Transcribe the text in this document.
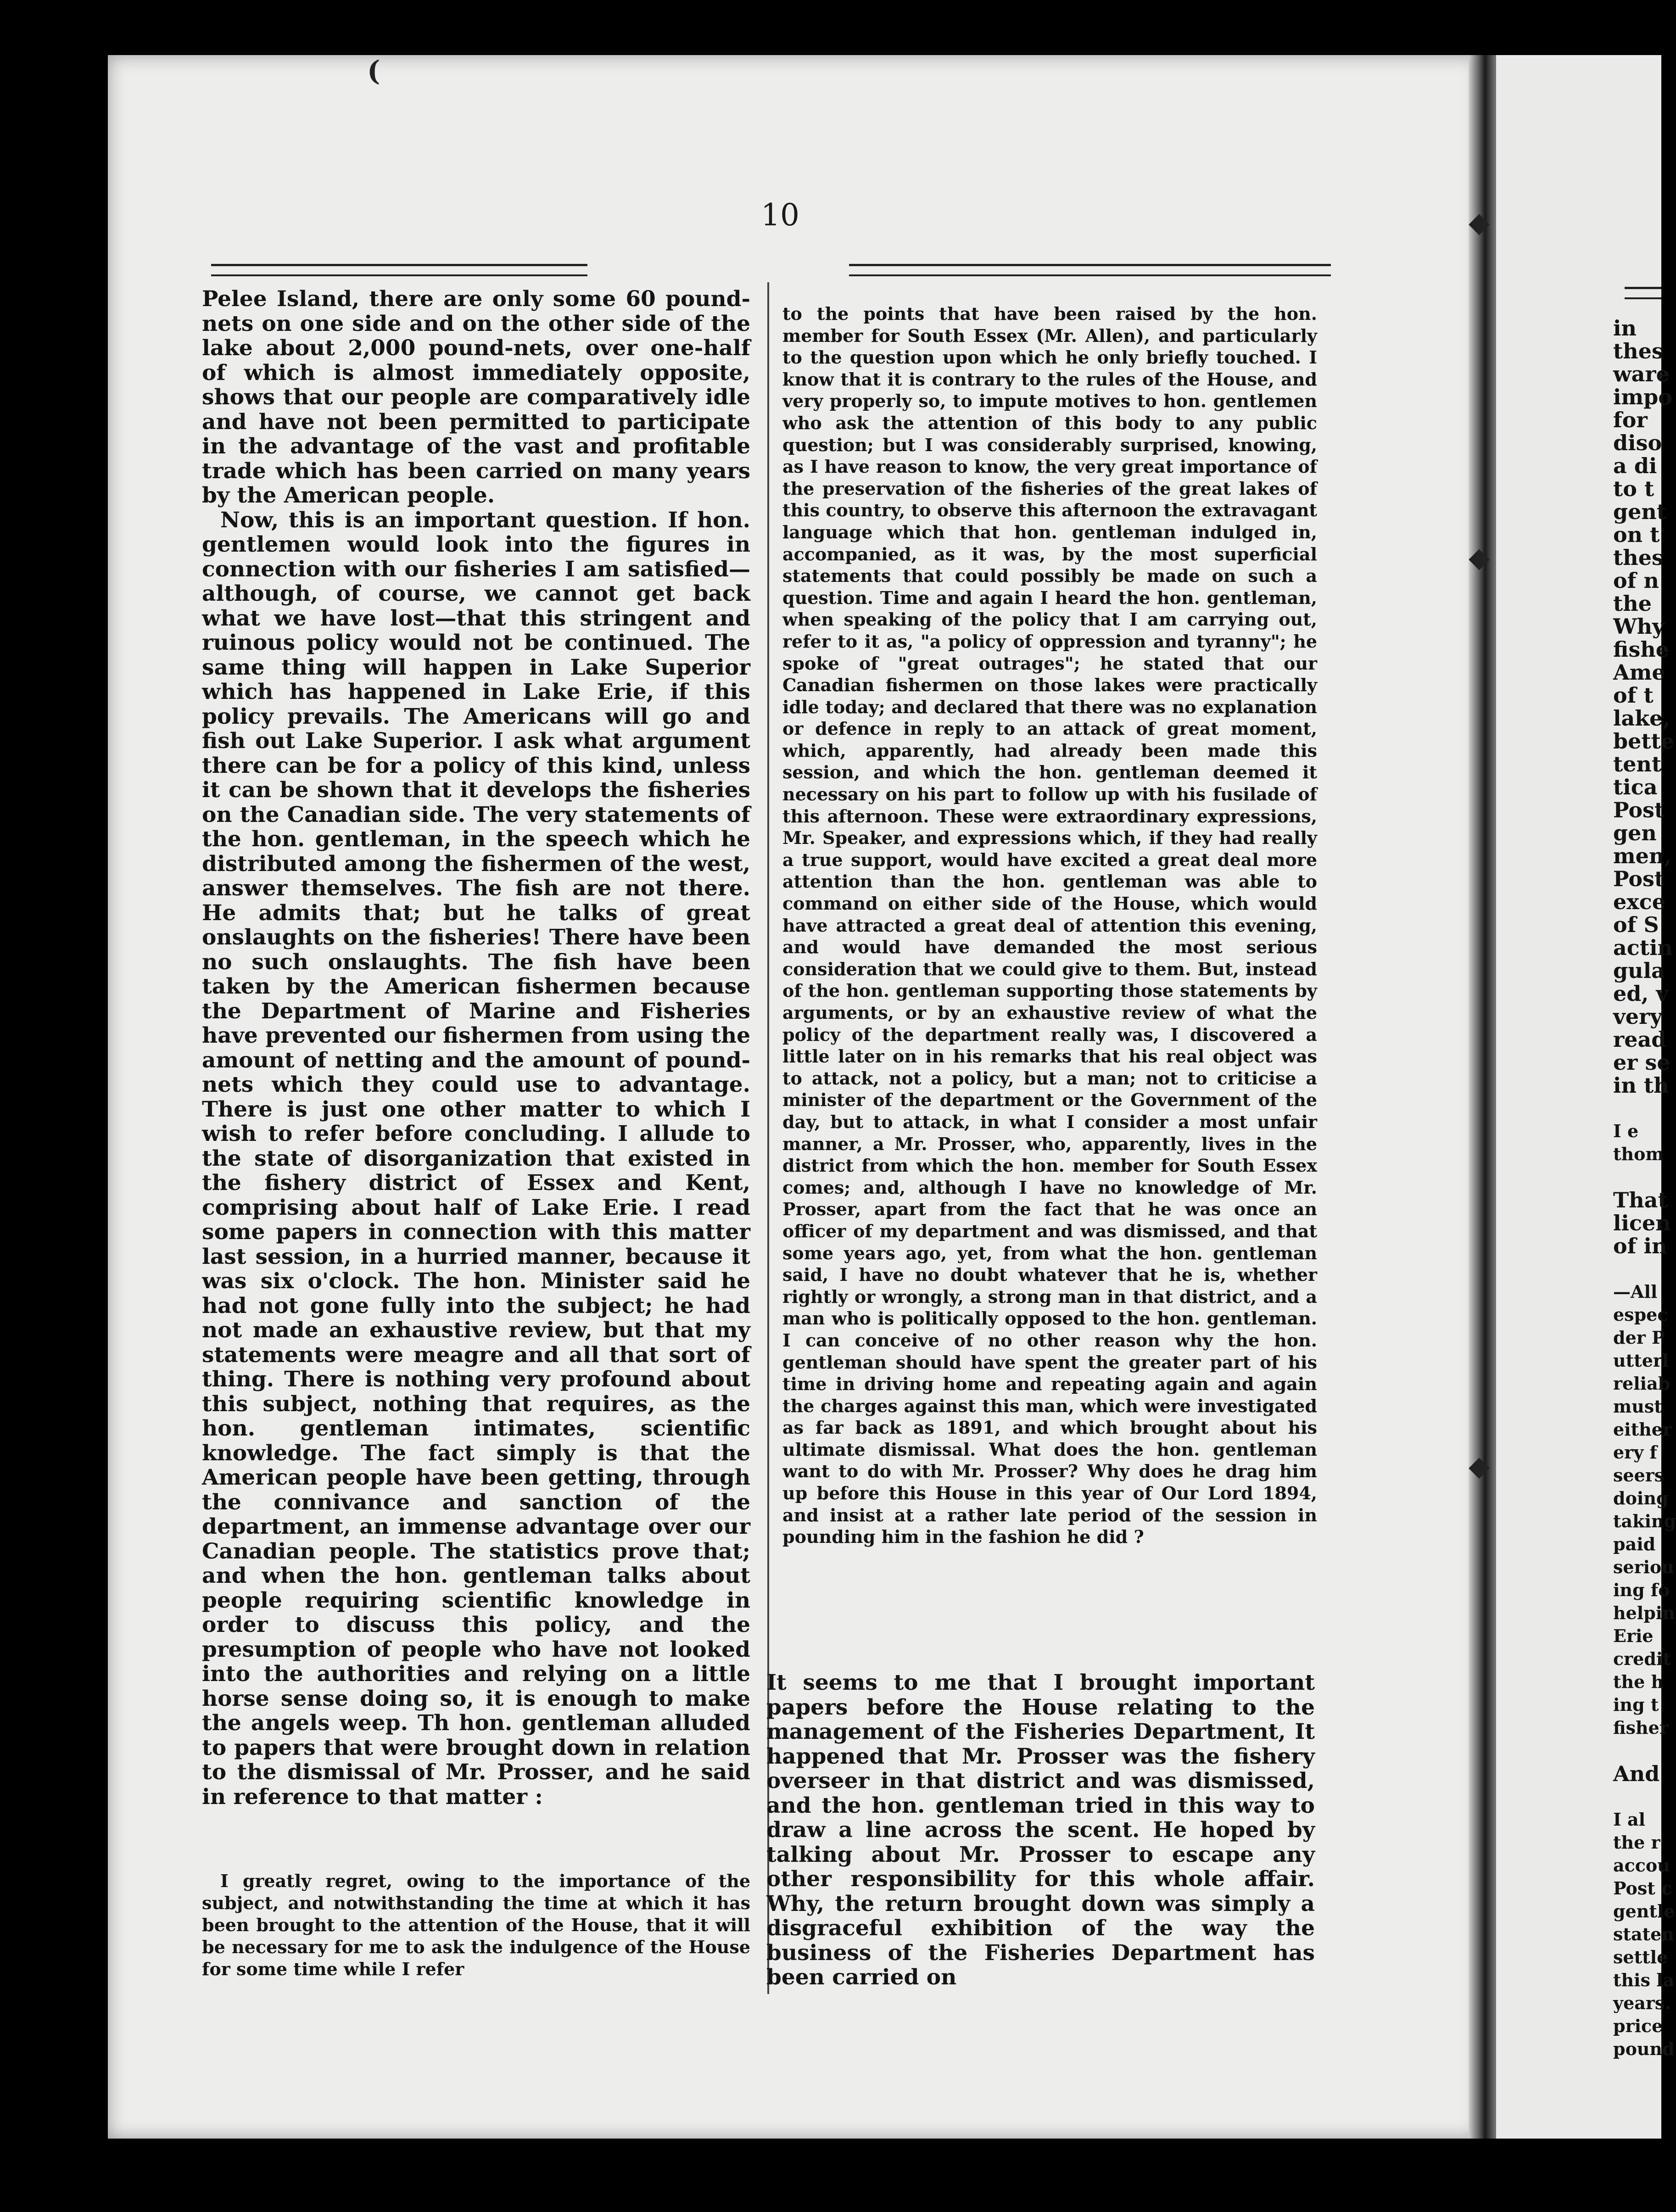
(
◆
◆
◆
10

Pelee Island, there are only some 60 pound-nets on one side and on the other side of the lake about 2,000 pound-nets, over one-half of which is almost immediately opposite, shows that our people are comparatively idle and have not been permitted to participate in the advantage of the vast and profitable trade which has been carried on many years by the American people.

Now, this is an important question. If hon. gentlemen would look into the figures in connection with our fisheries I am satisfied—although, of course, we cannot get back what we have lost—that this stringent and ruinous policy would not be continued. The same thing will happen in Lake Superior which has happened in Lake Erie, if this policy prevails. The Americans will go and fish out Lake Superior. I ask what argument there can be for a policy of this kind, unless it can be shown that it develops the fisheries on the Canadian side. The very statements of the hon. gentleman, in the speech which he distributed among the fishermen of the west, answer themselves. The fish are not there. He admits that; but he talks of great onslaughts on the fisheries! There have been no such onslaughts. The fish have been taken by the American fishermen because the Department of Marine and Fisheries have prevented our fishermen from using the amount of netting and the amount of pound-nets which they could use to advantage. There is just one other matter to which I wish to refer before concluding. I allude to the state of disorganization that existed in the fishery district of Essex and Kent, comprising about half of Lake Erie. I read some papers in connection with this matter last session, in a hurried manner, because it was six o'clock. The hon. Minister said he had not gone fully into the subject; he had not made an exhaustive review, but that my statements were meagre and all that sort of thing. There is nothing very profound about this subject, nothing that requires, as the hon. gentleman intimates, scientific knowledge. The fact simply is that the American people have been getting, through the connivance and sanction of the department, an immense advantage over our Canadian people. The statistics prove that; and when the hon. gentleman talks about people requiring scientific knowledge in order to discuss this policy, and the presumption of people who have not looked into the authorities and relying on a little horse sense doing so, it is enough to make the angels weep. Th hon. gentleman alluded to papers that were brought down in relation to the dismissal of Mr. Prosser, and he said in reference to that matter :

I greatly regret, owing to the importance of the subject, and notwithstanding the time at which it has been brought to the attention of the House, that it will be necessary for me to ask the indulgence of the House for some time while I refer

to the points that have been raised by the hon. member for South Essex (Mr. Allen), and particularly to the question upon which he only briefly touched. I know that it is contrary to the rules of the House, and very properly so, to impute motives to hon. gentlemen who ask the attention of this body to any public question; but I was considerably surprised, knowing, as I have reason to know, the very great importance of the preservation of the fisheries of the great lakes of this country, to observe this afternoon the extravagant language which that hon. gentleman indulged in, accompanied, as it was, by the most superficial statements that could possibly be made on such a question. Time and again I heard the hon. gentleman, when speaking of the policy that I am carrying out, refer to it as, "a policy of oppression and tyranny"; he spoke of "great outrages"; he stated that our Canadian fishermen on those lakes were practically idle today; and declared that there was no explanation or defence in reply to an attack of great moment, which, apparently, had already been made this session, and which the hon. gentleman deemed it necessary on his part to follow up with his fusilade of this afternoon. These were extraordinary expressions, Mr. Speaker, and expressions which, if they had really a true support, would have excited a great deal more attention than the hon. gentleman was able to command on either side of the House, which would have attracted a great deal of attention this evening, and would have demanded the most serious consideration that we could give to them. But, instead of the hon. gentleman supporting those statements by arguments, or by an exhaustive review of what the policy of the department really was, I discovered a little later on in his remarks that his real object was to attack, not a policy, but a man; not to criticise a minister of the department or the Government of the day, but to attack, in what I consider a most unfair manner, a Mr. Prosser, who, apparently, lives in the district from which the hon. member for South Essex comes; and, although I have no knowledge of Mr. Prosser, apart from the fact that he was once an officer of my department and was dismissed, and that some years ago, yet, from what the hon. gentleman said, I have no doubt whatever that he is, whether rightly or wrongly, a strong man in that district, and a man who is politically opposed to the hon. gentleman. I can conceive of no other reason why the hon. gentleman should have spent the greater part of his time in driving home and repeating again and again the charges against this man, which were investigated as far back as 1891, and which brought about his ultimate dismissal. What does the hon. gentleman want to do with Mr. Prosser? Why does he drag him up before this House in this year of Our Lord 1894, and insist at a rather late period of the session in pounding him in the fashion he did ?

It seems to me that I brought important papers before the House relating to the management of the Fisheries Department, It happened that Mr. Prosser was the fishery overseer in that district and was dismissed, and the hon. gentleman tried in this way to draw a line across the scent. He hoped by talking about Mr. Prosser to escape any other responsibility for this whole affair. Why, the return brought down was simply a disgraceful exhibition of the way the business of the Fisheries Department has been carried on

in
thes
ware
impo
for
diso
a di
to t
gent
on t
thes
of n
the
Why
fishe
Ame
of t
lake,
bette
tent
tica
Post
gen
men,
Post
exce
of S
actin
gula
ed, v
very
read
er se
in th
I e
thom
That
licen
of in
—All
espec
der P
utterl
reliab
must
either
ery f
seers
doing
taking
paid
seriou
ing fo
helpin
Erie
credit
the h
ing t
fisher
And
I al
the r
accou
Post c
gentle
staten
settle
this la
years.
price
pound
